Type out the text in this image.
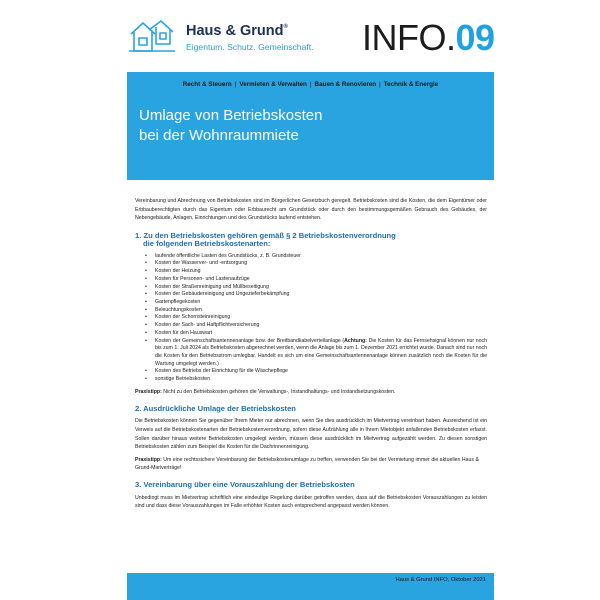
Haus & Grund®
Eigentum. Schutz. Gemeinschaft. INFO.09
Recht & Steuern | Vermieten & Verwalten | Bauen & Renovieren | Technik & Energie
Umlage von Betriebskosten
bei der Wohnraummiete

Vereinbarung und Abrechnung von Betriebskosten sind im Bürgerlichen Gesetzbuch geregelt. Betriebskosten sind die Kosten, die dem Eigentümer oder Erbbauberechtigten durch das Eigentum oder Erbbaurecht am Grundstück oder durch den bestimmungsgemäßen Gebrauch des Gebäudes, der Nebengebäude, Anlagen, Einrichtungen und des Grundstücks laufend entstehen.

1. Zu den Betriebskosten gehören gemäß § 2 Betriebskostenverordnung
die folgenden Betriebskostenarten:
• laufende öffentliche Lasten des Grundstücks, z. B. Grundsteuer
• Kosten der Wasserver- und -entsorgung
• Kosten der Heizung
• Kosten für Personen- und Lastenaufzüge
• Kosten der Straßenreinigung und Müllbeseitigung
• Kosten der Gebäudereinigung und Ungezieferbekämpfung
• Gartenpflegekosten
• Beleuchtungskosten
• Kosten der Schornsteinreinigung
• Kosten der Sach- und Haftpflichtversicherung
• Kosten für den Hauswart
• Kosten der Gemeinschaftsantennenanlage bzw. der Breitbandkabelverteilanlage (Achtung: Die Kosten für das Fernsehsignal können nur noch bis zum 1. Juli 2024 als Betriebskosten abgerechnet werden, wenn die Anlage bis zum 1. Dezember 2021 errichtet wurde. Danach sind nur noch die Kosten für den Betriebsstrom umlegbar. Handelt es sich um eine Gemeinschaftsantennenanlage können zusätzlich noch die Kosten für die Wartung umgelegt werden.)
• Kosten des Betriebs der Einrichtung für die Wäschepflege
• sonstige Betriebskosten

Praxistipp: Nicht zu den Betriebskosten gehören die Verwaltungs-, Instandhaltungs- und Instandsetzungskosten.

2. Ausdrückliche Umlage der Betriebskosten

Die Betriebskosten können Sie gegenüber Ihrem Mieter nur abrechnen, wenn Sie dies ausdrücklich im Mietvertrag vereinbart haben. Ausreichend ist ein Verweis auf die Betriebskostenarten der Betriebskostenverordnung, sofern diese Aufzählung alle in Ihrem Mietobjekt anfallenden Betriebskosten erfasst. Sollen darüber hinaus weitere Betriebskosten umgelegt werden, müssen diese ausdrücklich im Mietvertrag aufgezählt werden. Zu diesen sonstigen Betriebskosten zählen zum Beispiel die Kosten für die Dachrinnenreinigung.

Praxistipp: Um eine rechtssichere Vereinbarung der Betriebskostenumlage zu treffen, verwenden Sie bei der Vermietung immer die aktuellen Haus & Grund-Mietverträge!

3. Vereinbarung über eine Vorauszahlung der Betriebskosten

Unbedingt muss im Mietvertrag schriftlich eine eindeutige Regelung darüber getroffen werden, dass auf die Betriebskosten Vorauszahlungen zu leisten sind und dass diese Vorauszahlungen im Falle erhöhter Kosten auch entsprechend angepasst werden können.

Haus & Grund INFO, Oktober 2021
